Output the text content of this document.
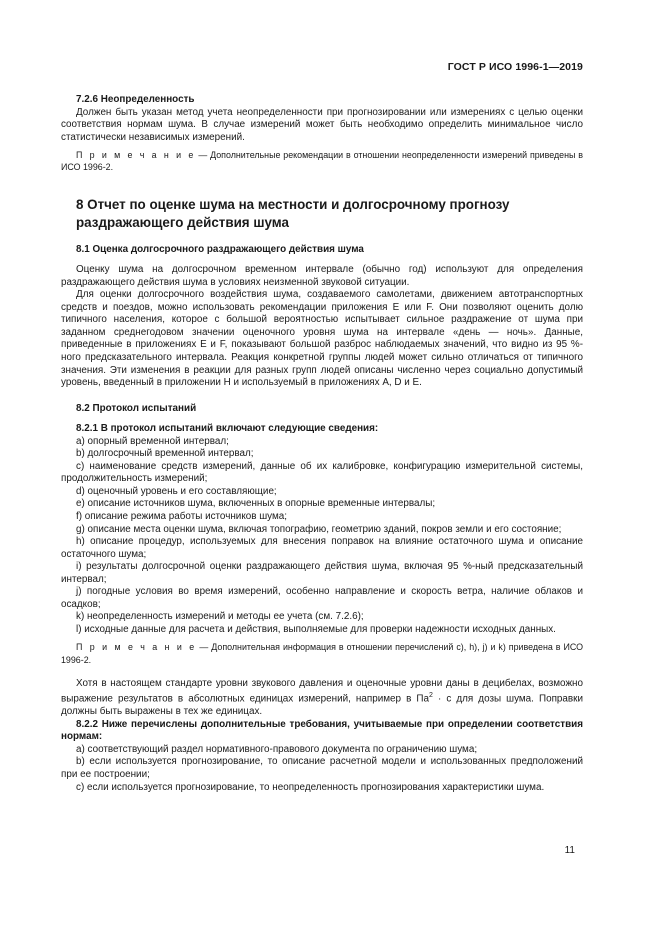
ГОСТ Р ИСО 1996-1—2019

7.2.6 Неопределенность

Должен быть указан метод учета неопределенности при прогнозировании или измерениях с целью оценки соответствия нормам шума. В случае измерений может быть необходимо определить минимальное число статистически независимых измерений.

П р и м е ч а н и е — Дополнительные рекомендации в отношении неопределенности измерений приведены в ИСО 1996-2.

8 Отчет по оценке шума на местности и долгосрочному прогнозу раздражающего действия шума

8.1 Оценка долгосрочного раздражающего действия шума

Оценку шума на долгосрочном временном интервале (обычно год) используют для определения раздражающего действия шума в условиях неизменной звуковой ситуации.

Для оценки долгосрочного воздействия шума, создаваемого самолетами, движением автотранспортных средств и поездов, можно использовать рекомендации приложения Е или F. Они позволяют оценить долю типичного населения, которое с большой вероятностью испытывает сильное раздражение от шума при заданном среднегодовом значении оценочного уровня шума на интервале «день — ночь». Данные, приведенные в приложениях Е и F, показывают большой разброс наблюдаемых значений, что видно из 95 %-ного предсказательного интервала. Реакция конкретной группы людей может сильно отличаться от типичного значения. Эти изменения в реакции для разных групп людей описаны численно через социально допустимый уровень, введенный в приложении Н и используемый в приложениях А, D и Е.

8.2 Протокол испытаний

8.2.1 В протокол испытаний включают следующие сведения:

а) опорный временной интервал;

b) долгосрочный временной интервал;

c) наименование средств измерений, данные об их калибровке, конфигурацию измерительной системы, продолжительность измерений;

d) оценочный уровень и его составляющие;

e) описание источников шума, включенных в опорные временные интервалы;

f) описание режима работы источников шума;

g) описание места оценки шума, включая топографию, геометрию зданий, покров земли и его состояние;

h) описание процедур, используемых для внесения поправок на влияние остаточного шума и описание остаточного шума;

i) результаты долгосрочной оценки раздражающего действия шума, включая 95 %-ный предсказательный интервал;

j) погодные условия во время измерений, особенно направление и скорость ветра, наличие облаков и осадков;

k) неопределенность измерений и методы ее учета (см. 7.2.6);

l) исходные данные для расчета и действия, выполняемые для проверки надежности исходных данных.

П р и м е ч а н и е — Дополнительная информация в отношении перечислений с), h), j) и k) приведена в ИСО 1996-2.

Хотя в настоящем стандарте уровни звукового давления и оценочные уровни даны в децибелах, возможно выражение результатов в абсолютных единицах измерений, например в $Па^2 \cdot с$ для дозы шума. Поправки должны быть выражены в тех же единицах.

8.2.2 Ниже перечислены дополнительные требования, учитываемые при определении соответствия нормам:

а) соответствующий раздел нормативного-правового документа по ограничению шума;

b) если используется прогнозирование, то описание расчетной модели и использованных предположений при ее построении;

c) если используется прогнозирование, то неопределенность прогнозирования характеристики шума.

11
